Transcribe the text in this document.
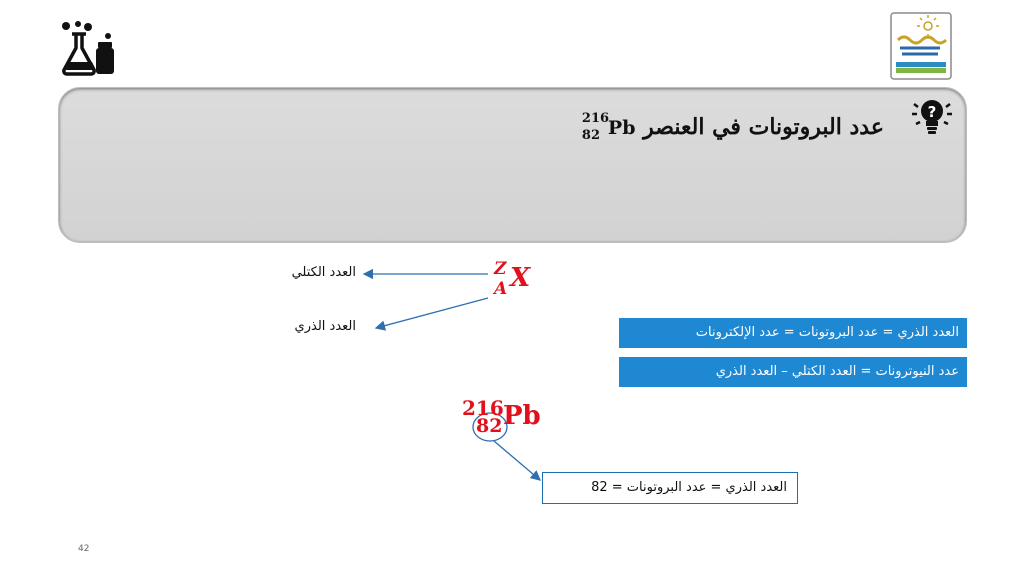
?
عدد البروتونات في العنصر
216
82 Pb
Z
A X
العدد الكتلي
العدد الذري	العدد الذري = عدد البروتونات = عدد الإلكترونات
عدد النيوترونات = العدد الكتلي – العدد الذري
216
82 Pb
العدد الذري = عدد البروتونات = 82
42
